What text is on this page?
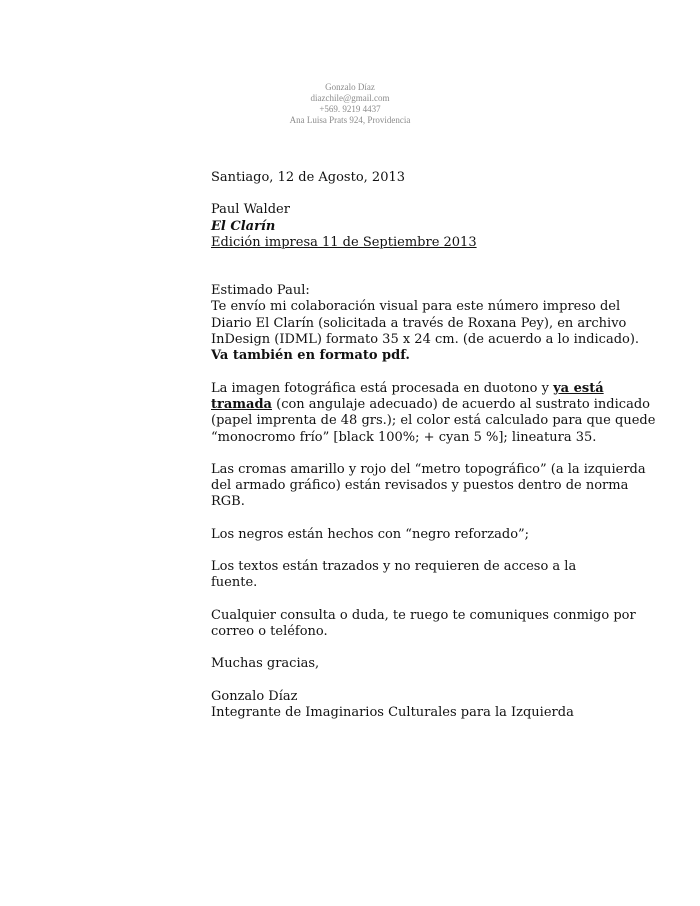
Gonzalo Díaz
diazchile@gmail.com
+569. 9219 4437
Ana Luisa Prats 924, Providencia

Santiago, 12 de Agosto, 2013

Paul Walder
El Clarín
Edición impresa 11 de Septiembre 2013

Estimado Paul:

Te envío mi colaboración visual para este número impreso del
Diario El Clarín (solicitada a través de Roxana Pey), en archivo
InDesign (IDML) formato 35 x 24 cm. (de acuerdo a lo indicado).
Va también en formato pdf.

La imagen fotográfica está procesada en duotono y ya está
tramada (con angulaje adecuado) de acuerdo al sustrato indicado
(papel imprenta de 48 grs.); el color está calculado para que quede
“monocromo frío” [black 100%; + cyan 5 %]; lineatura 35.

Las cromas amarillo y rojo del “metro topográfico” (a la izquierda
del armado gráfico) están revisados y puestos dentro de norma
RGB.

Los negros están hechos con “negro reforzado”;

Los textos están trazados y no requieren de acceso a la fuente.

Cualquier consulta o duda, te ruego te comuniques conmigo por
correo o teléfono.

Muchas gracias,

Gonzalo Díaz
Integrante de Imaginarios Culturales para la Izquierda
